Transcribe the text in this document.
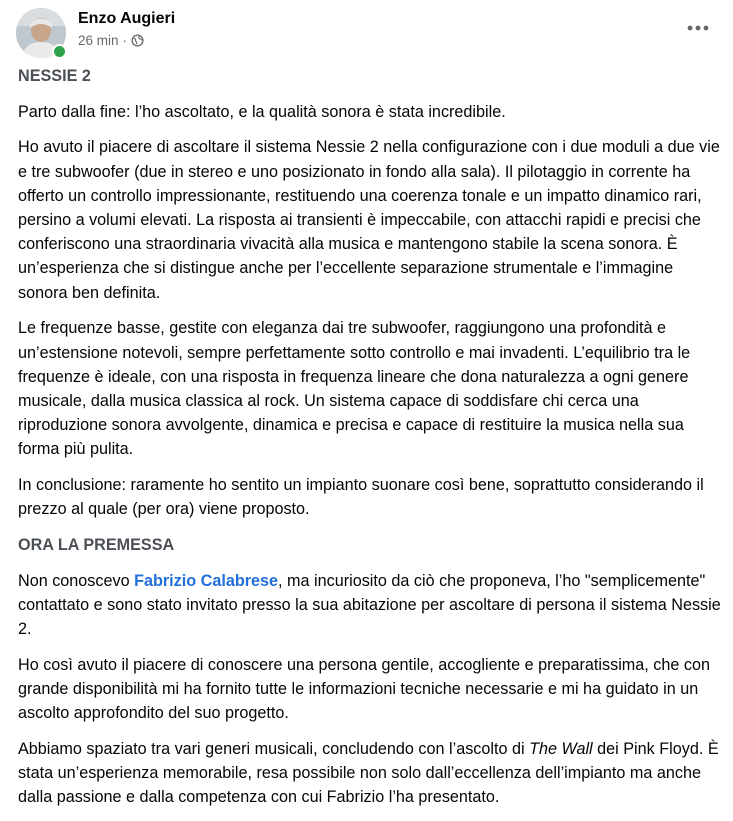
Enzo Augieri
26 min ·

NESSIE 2

Parto dalla fine: l’ho ascoltato, e la qualità sonora è stata incredibile.

Ho avuto il piacere di ascoltare il sistema Nessie 2 nella configurazione con i due moduli a due vie e tre subwoofer (due in stereo e uno posizionato in fondo alla sala). Il pilotaggio in corrente ha offerto un controllo impressionante, restituendo una coerenza tonale e un impatto dinamico rari, persino a volumi elevati. La risposta ai transienti è impeccabile, con attacchi rapidi e precisi che conferiscono una straordinaria vivacità alla musica e mantengono stabile la scena sonora. È un’esperienza che si distingue anche per l’eccellente separazione strumentale e l’immagine sonora ben definita.

Le frequenze basse, gestite con eleganza dai tre subwoofer, raggiungono una profondità e un’estensione notevoli, sempre perfettamente sotto controllo e mai invadenti. L’equilibrio tra le frequenze è ideale, con una risposta in frequenza lineare che dona naturalezza a ogni genere musicale, dalla musica classica al rock. Un sistema capace di soddisfare chi cerca una riproduzione sonora avvolgente, dinamica e precisa e capace di restituire la musica nella sua forma più pulita.

In conclusione: raramente ho sentito un impianto suonare così bene, soprattutto considerando il prezzo al quale (per ora) viene proposto.

ORA LA PREMESSA

Non conoscevo Fabrizio Calabrese, ma incuriosito da ciò che proponeva, l’ho "semplicemente" contattato e sono stato invitato presso la sua abitazione per ascoltare di persona il sistema Nessie 2.

Ho così avuto il piacere di conoscere una persona gentile, accogliente e preparatissima, che con grande disponibilità mi ha fornito tutte le informazioni tecniche necessarie e mi ha guidato in un ascolto approfondito del suo progetto.

Abbiamo spaziato tra vari generi musicali, concludendo con l’ascolto di The Wall dei Pink Floyd. È stata un’esperienza memorabile, resa possibile non solo dall’eccellenza dell’impianto ma anche dalla passione e dalla competenza con cui Fabrizio l’ha presentato.
